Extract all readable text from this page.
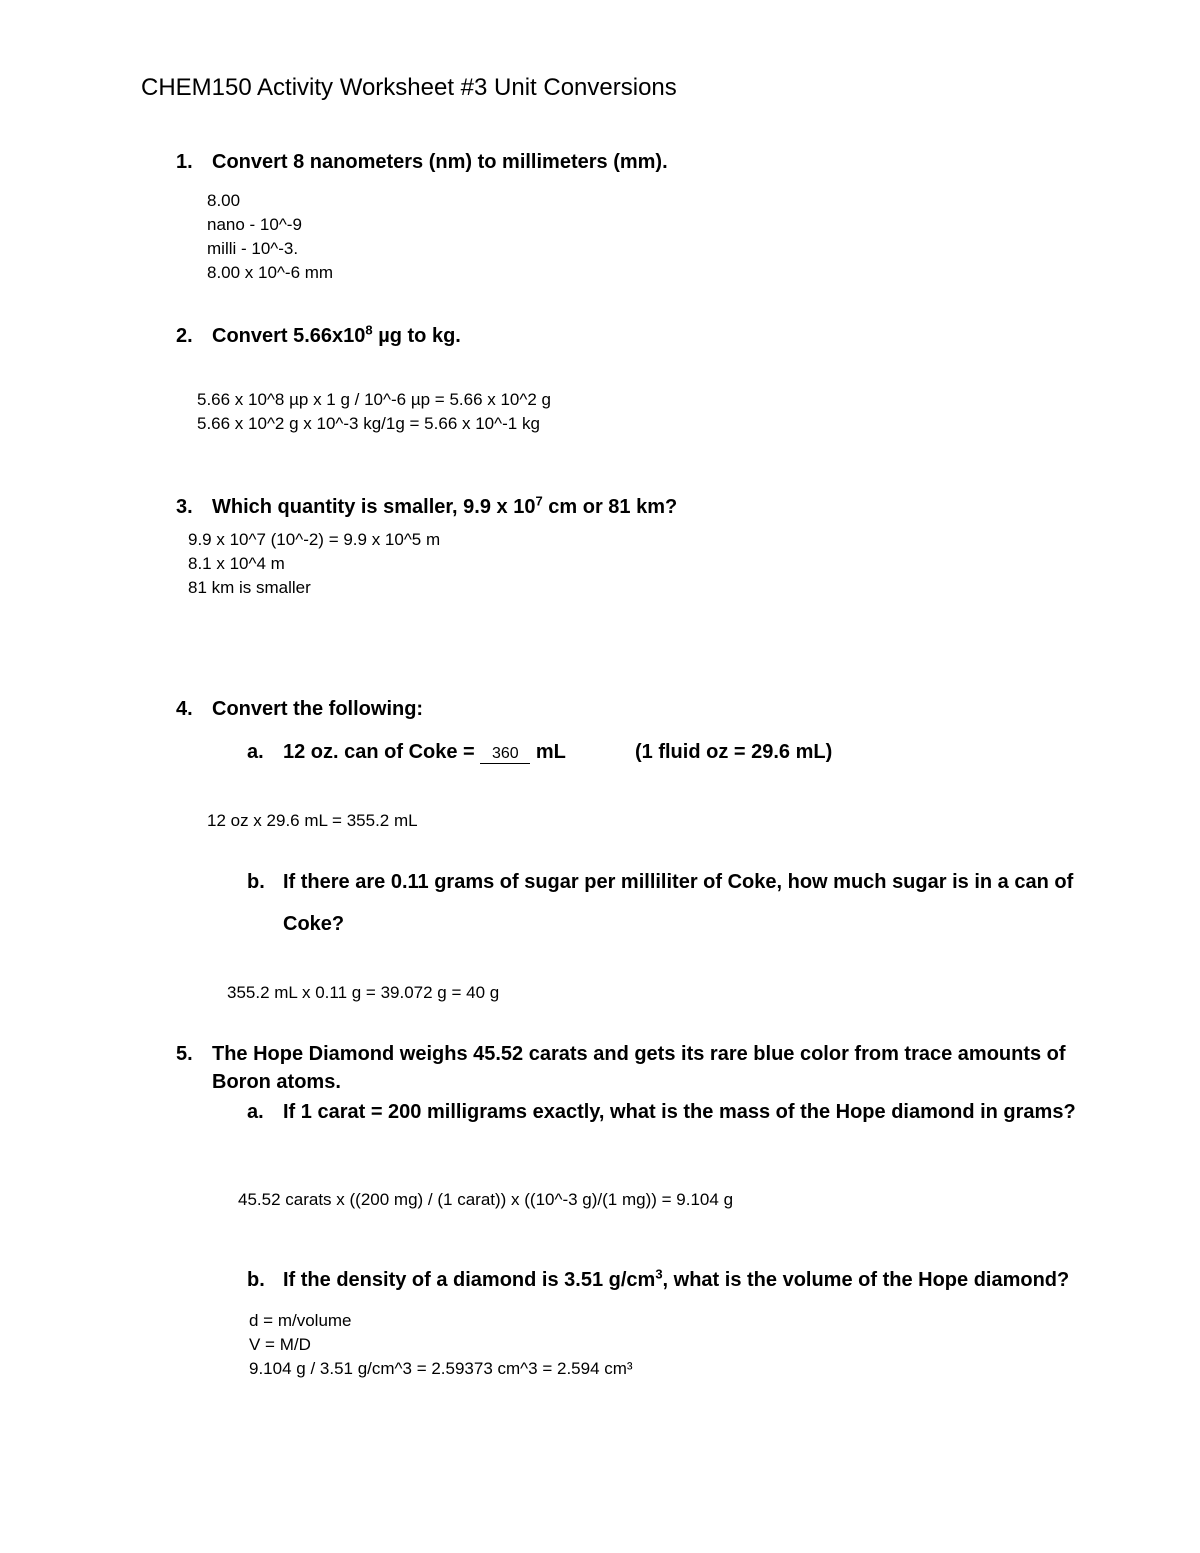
CHEM150 Activity Worksheet #3 Unit Conversions
1. Convert 8 nanometers (nm) to millimeters (mm).
8.00
nano - 10^-9
milli - 10^-3.
8.00 x 10^-6 mm
2. Convert $5.66x10^8$ µg to kg.
5.66 x 10^8 µp x 1 g / 10^-6 µp = 5.66 x 10^2 g
5.66 x 10^2 g x 10^-3 kg/1g = 5.66 x 10^-1 kg
3. Which quantity is smaller, 9.9 x $10^7$ cm or 81 km?
9.9 x 10^7 (10^-2) = 9.9 x 10^5 m
8.1 x 10^4 m
81 km is smaller
4. Convert the following:
a. 12 oz. can of Coke = 360 mL	(1 fluid oz = 29.6 mL)
12 oz x 29.6 mL = 355.2 mL
b. If there are 0.11 grams of sugar per milliliter of Coke, how much sugar is in a can of
Coke?
355.2 mL x 0.11 g = 39.072 g = 40 g
5. The Hope Diamond weighs 45.52 carats and gets its rare blue color from trace amounts of
Boron atoms.
a. If 1 carat = 200 milligrams exactly, what is the mass of the Hope diamond in grams?
45.52 carats x ((200 mg) / (1 carat)) x ((10^-3 g)/(1 mg)) = 9.104 g
b. If the density of a diamond is 3.51 $g/cm^3$, what is the volume of the Hope diamond?
d = m/volume
V = M/D
9.104 g / 3.51 g/cm^3 = 2.59373 cm^3 = 2.594 cm³
